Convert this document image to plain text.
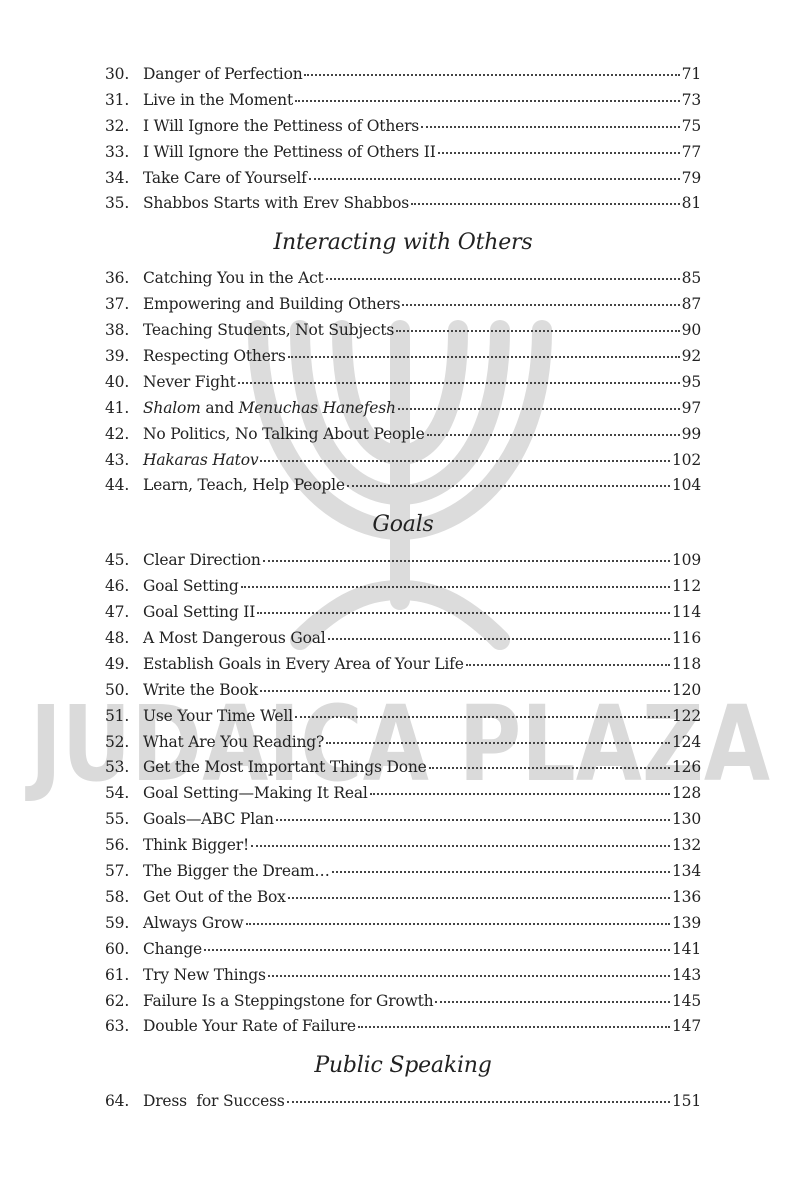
JUDAICA PLAZA
30. Danger of Perfection	71
31. Live in the Moment	73
32. I Will Ignore the Pettiness of Others	75
33. I Will Ignore the Pettiness of Others II	77
34. Take Care of Yourself	79
35. Shabbos Starts with Erev Shabbos	81
Interacting with Others
36. Catching You in the Act	85
37. Empowering and Building Others	87
38. Teaching Students, Not Subjects	90
39. Respecting Others	92
40. Never Fight	95
41. Shalom and Menuchas Hanefesh	97
42. No Politics, No Talking About People	99
43. Hakaras Hatov	102
44. Learn, Teach, Help People	104
Goals
45. Clear Direction	109
46. Goal Setting	112
47. Goal Setting II	114
48. A Most Dangerous Goal	116
49. Establish Goals in Every Area of Your Life	118
50. Write the Book	120
51. Use Your Time Well	122
52. What Are You Reading?	124
53. Get the Most Important Things Done	126
54. Goal Setting—Making It Real	128
55. Goals—ABC Plan	130
56. Think Bigger!	132
57. The Bigger the Dream…	134
58. Get Out of the Box	136
59. Always Grow	139
60. Change	141
61. Try New Things	143
62. Failure Is a Steppingstone for Growth	145
63. Double Your Rate of Failure	147
Public Speaking
64. Dress  for Success	151
